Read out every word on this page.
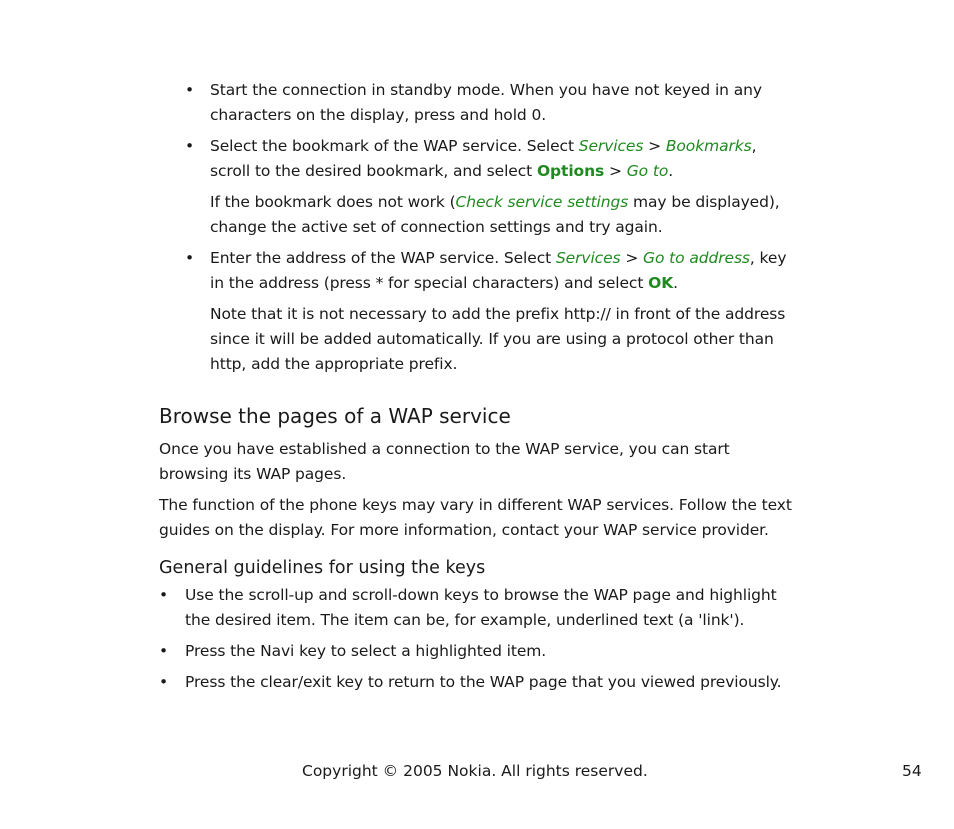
• Start the connection in standby mode. When you have not keyed in any characters on the display, press and hold 0.

• Select the bookmark of the WAP service. Select Services > Bookmarks, scroll to the desired bookmark, and select Options > Go to.

If the bookmark does not work (Check service settings may be displayed), change the active set of connection settings and try again.

• Enter the address of the WAP service. Select Services > Go to address, key in the address (press * for special characters) and select OK.

Note that it is not necessary to add the prefix http:// in front of the address since it will be added automatically. If you are using a protocol other than http, add the appropriate prefix.

Browse the pages of a WAP service

Once you have established a connection to the WAP service, you can start browsing its WAP pages.

The function of the phone keys may vary in different WAP services. Follow the text guides on the display. For more information, contact your WAP service provider.

General guidelines for using the keys
• Use the scroll-up and scroll-down keys to browse the WAP page and highlight the desired item. The item can be, for example, underlined text (a 'link').

• Press the Navi key to select a highlighted item.

• Press the clear/exit key to return to the WAP page that you viewed previously.

Copyright © 2005 Nokia. All rights reserved.	54
